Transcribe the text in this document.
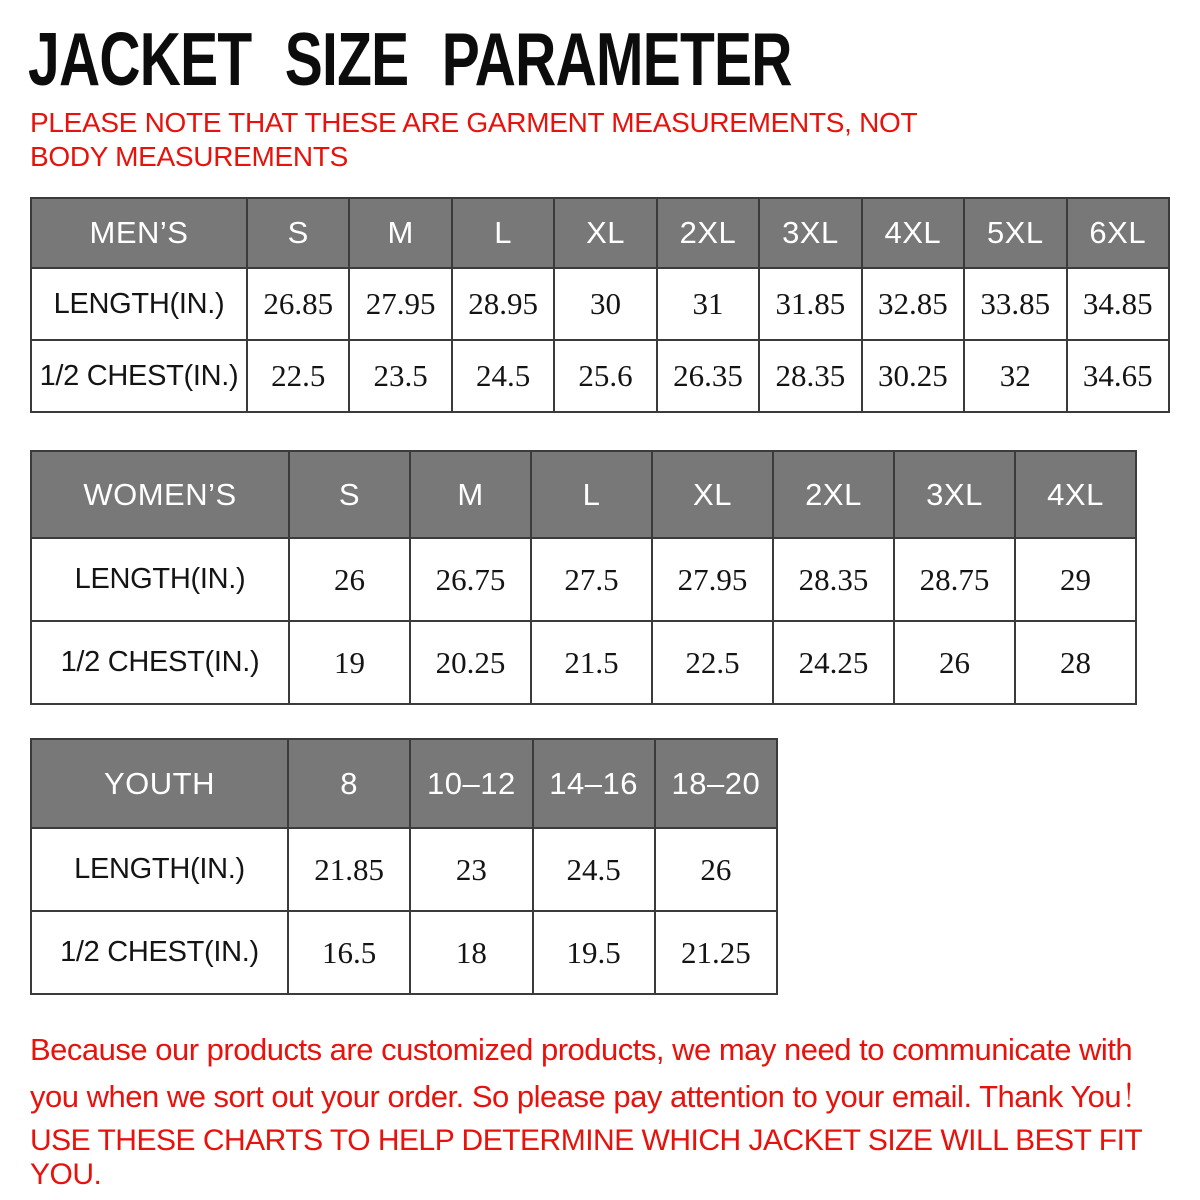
JACKET SIZE PARAMETER
PLEASE NOTE THAT THESE ARE GARMENT MEASUREMENTS, NOT BODY MEASUREMENTS
MEN’S	S	M	L	XL	2XL	3XL	4XL	5XL	6XL
LENGTH(IN.)	26.85	27.95	28.95	30	31	31.85	32.85	33.85	34.85
1/2 CHEST(IN.)	22.5	23.5	24.5	25.6	26.35	28.35	30.25	32	34.65
WOMEN’S	S	M	L	XL	2XL	3XL	4XL
LENGTH(IN.)	26	26.75	27.5	27.95	28.35	28.75	29
1/2 CHEST(IN.)	19	20.25	21.5	22.5	24.25	26	28
YOUTH	8	10–12	14–16	18–20
LENGTH(IN.)	21.85	23	24.5	26
1/2 CHEST(IN.)	16.5	18	19.5	21.25
Because our products are customized products, we may need to communicate with you when we sort out your order. So please pay attention to your email. Thank You！
USE THESE CHARTS TO HELP DETERMINE WHICH JACKET SIZE WILL BEST FIT YOU.
